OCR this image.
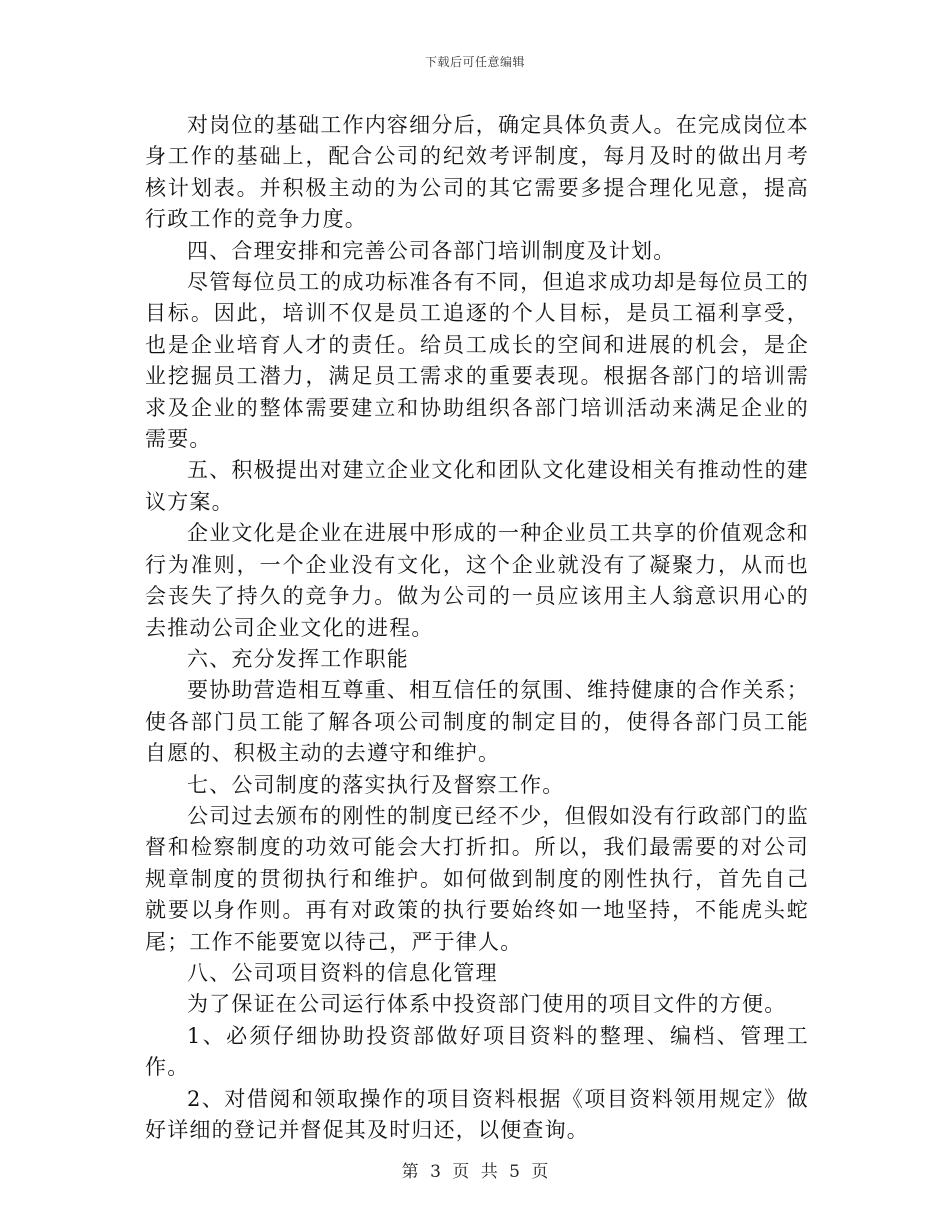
下载后可任意编辑

对岗位的基础工作内容细分后，确定具体负责人。在完成岗位本身工作的基础上，配合公司的纪效考评制度，每月及时的做出月考核计划表。并积极主动的为公司的其它需要多提合理化见意，提高行政工作的竞争力度。

四、合理安排和完善公司各部门培训制度及计划。

尽管每位员工的成功标准各有不同，但追求成功却是每位员工的目标。因此，培训不仅是员工追逐的个人目标，是员工福利享受，也是企业培育人才的责任。给员工成长的空间和进展的机会，是企业挖掘员工潜力，满足员工需求的重要表现。根据各部门的培训需求及企业的整体需要建立和协助组织各部门培训活动来满足企业的需要。

五、积极提出对建立企业文化和团队文化建设相关有推动性的建议方案。

企业文化是企业在进展中形成的一种企业员工共享的价值观念和行为准则，一个企业没有文化，这个企业就没有了凝聚力，从而也会丧失了持久的竞争力。做为公司的一员应该用主人翁意识用心的去推动公司企业文化的进程。

六、充分发挥工作职能

要协助营造相互尊重、相互信任的氛围、维持健康的合作关系；使各部门员工能了解各项公司制度的制定目的，使得各部门员工能自愿的、积极主动的去遵守和维护。

七、公司制度的落实执行及督察工作。

公司过去颁布的刚性的制度已经不少，但假如没有行政部门的监督和检察制度的功效可能会大打折扣。所以，我们最需要的对公司规章制度的贯彻执行和维护。如何做到制度的刚性执行，首先自己就要以身作则。再有对政策的执行要始终如一地坚持，不能虎头蛇尾；工作不能要宽以待己，严于律人。

八、公司项目资料的信息化管理

为了保证在公司运行体系中投资部门使用的项目文件的方便。

1、必须仔细协助投资部做好项目资料的整理、编档、管理工作。

2、对借阅和领取操作的项目资料根据《项目资料领用规定》做好详细的登记并督促其及时归还，以便查询。

第 3 页 共 5 页
